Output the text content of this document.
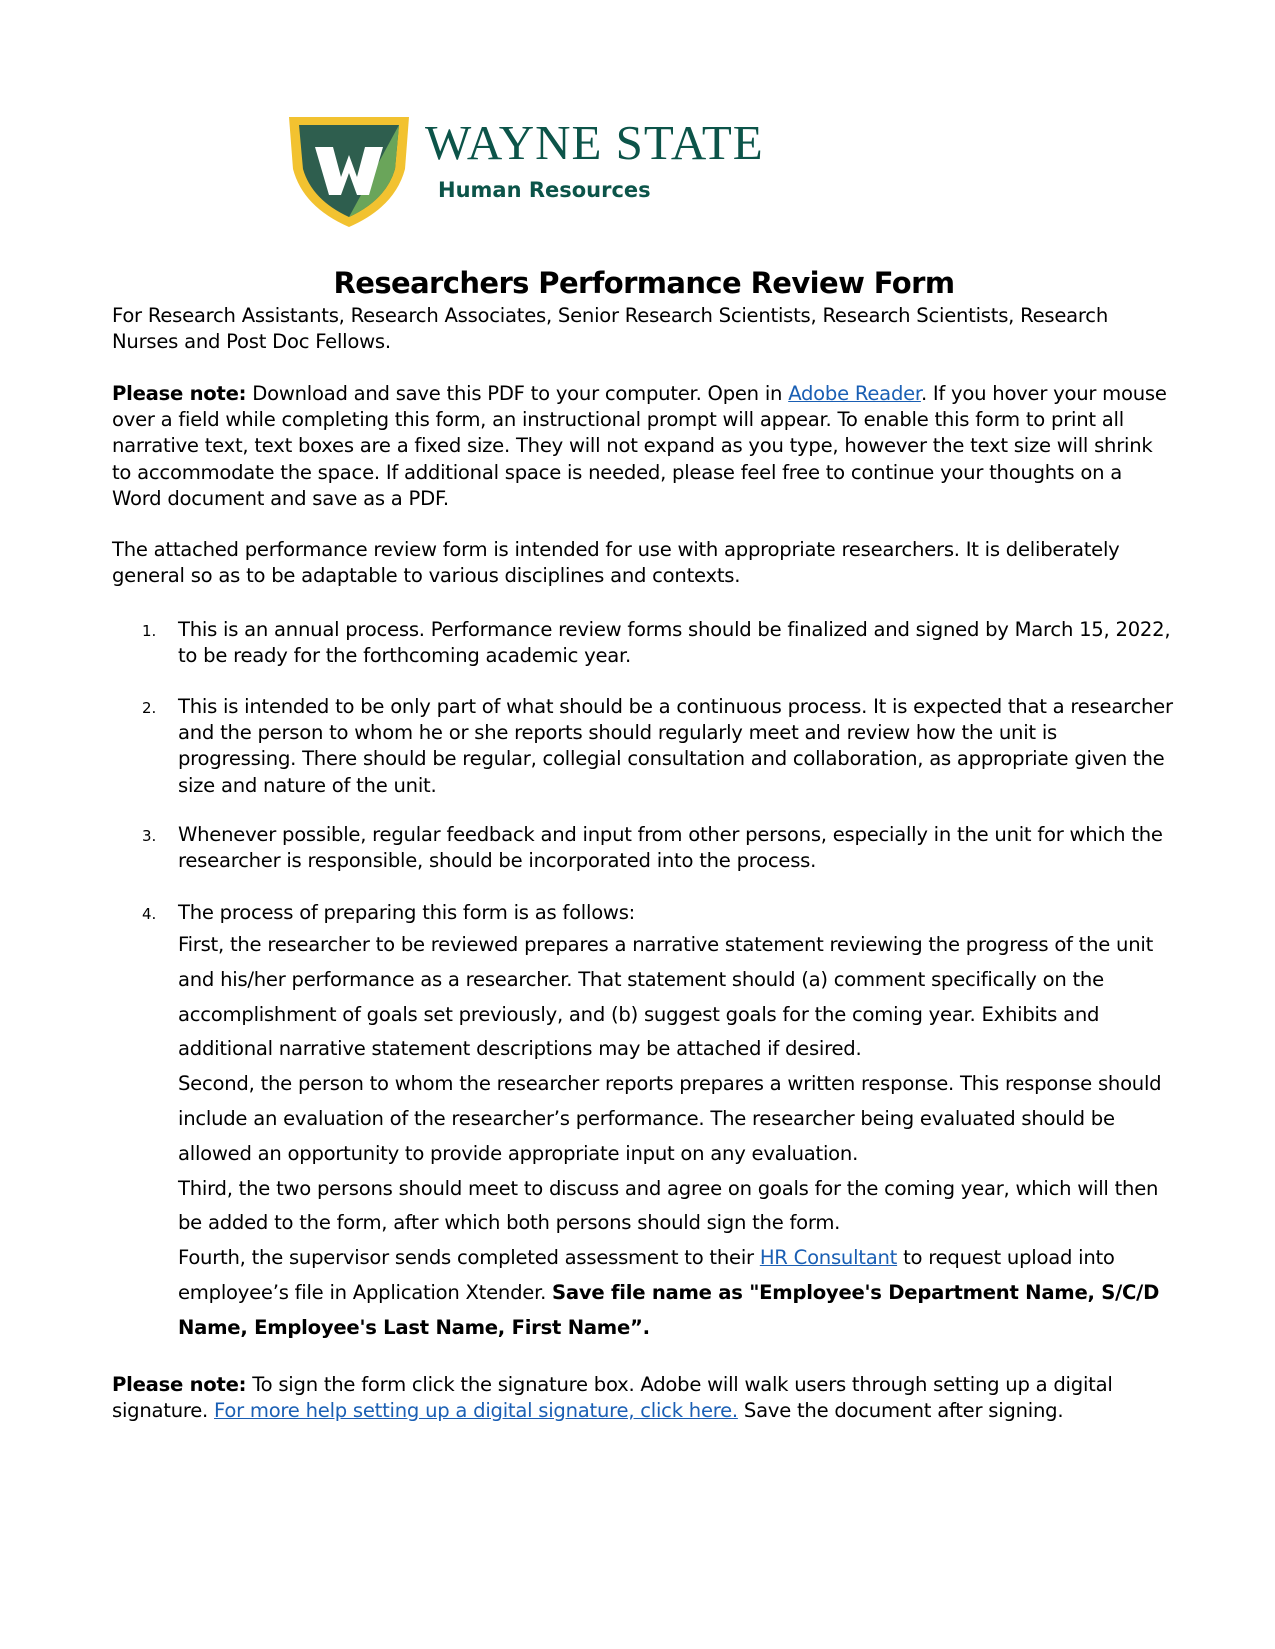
WAYNE STATE
Human Resources
Researchers Performance Review Form
For Research Assistants, Research Associates, Senior Research Scientists, Research Scientists, Research Nurses and Post Doc Fellows.
Please note: Download and save this PDF to your computer. Open in Adobe Reader. If you hover your mouse over a field while completing this form, an instructional prompt will appear. To enable this form to print all narrative text, text boxes are a fixed size. They will not expand as you type, however the text size will shrink to accommodate the space. If additional space is needed, please feel free to continue your thoughts on a Word document and save as a PDF.
The attached performance review form is intended for use with appropriate researchers. It is deliberately general so as to be adaptable to various disciplines and contexts.
1. This is an annual process. Performance review forms should be finalized and signed by March 15, 2022, to be ready for the forthcoming academic year.
2. This is intended to be only part of what should be a continuous process. It is expected that a researcher and the person to whom he or she reports should regularly meet and review how the unit is progressing. There should be regular, collegial consultation and collaboration, as appropriate given the size and nature of the unit.
3. Whenever possible, regular feedback and input from other persons, especially in the unit for which the researcher is responsible, should be incorporated into the process.
4. The process of preparing this form is as follows:

First, the researcher to be reviewed prepares a narrative statement reviewing the progress of the unit and his/her performance as a researcher. That statement should (a) comment specifically on the accomplishment of goals set previously, and (b) suggest goals for the coming year. Exhibits and additional narrative statement descriptions may be attached if desired.

Second, the person to whom the researcher reports prepares a written response. This response should include an evaluation of the researcher’s performance. The researcher being evaluated should be allowed an opportunity to provide appropriate input on any evaluation.

Third, the two persons should meet to discuss and agree on goals for the coming year, which will then be added to the form, after which both persons should sign the form.

Fourth, the supervisor sends completed assessment to their HR Consultant to request upload into employee’s file in Application Xtender. Save file name as "Employee's Department Name, S/C/D Name, Employee's Last Name, First Name”.

Please note: To sign the form click the signature box. Adobe will walk users through setting up a digital signature. For more help setting up a digital signature, click here. Save the document after signing.
